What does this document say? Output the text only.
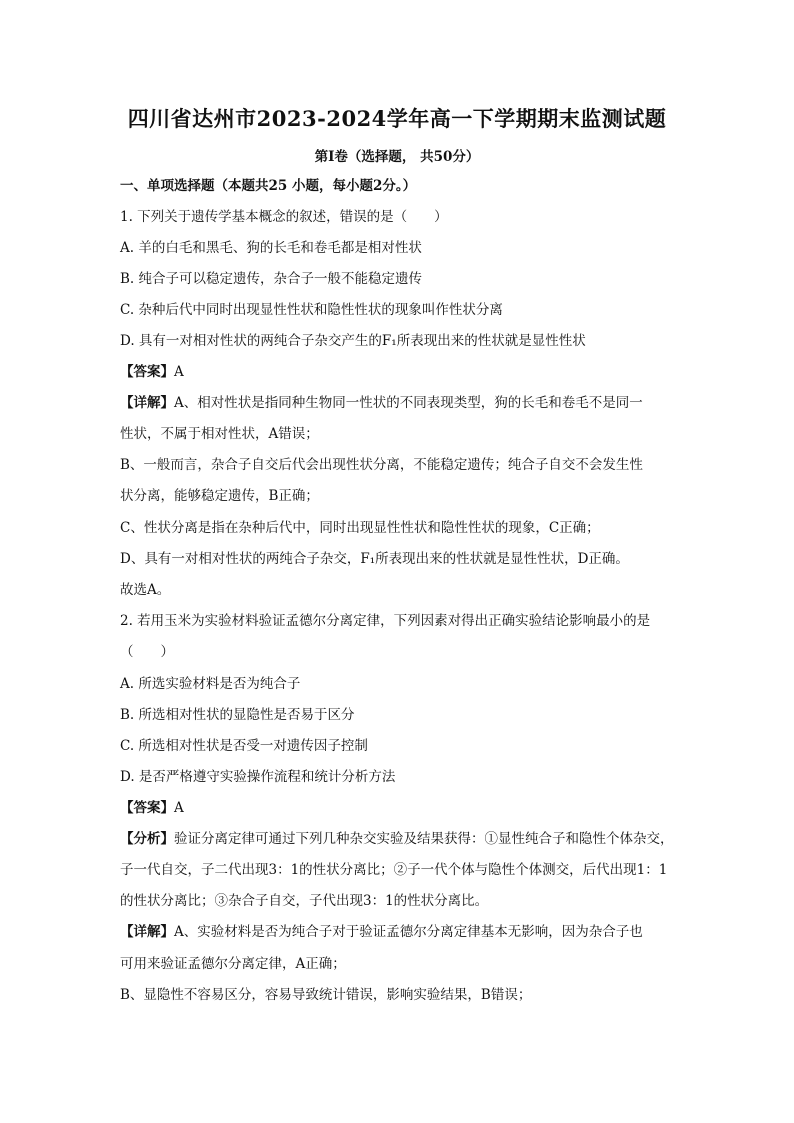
四川省达州市2023-2024学年高一下学期期末监测试题
第Ⅰ卷（选择题， 共50分）
一、单项选择题（本题共25 小题，每小题2分。）
1. 下列关于遗传学基本概念的叙述，错误的是（　　）
A. 羊的白毛和黑毛、狗的长毛和卷毛都是相对性状
B. 纯合子可以稳定遗传，杂合子一般不能稳定遗传
C. 杂种后代中同时出现显性性状和隐性性状的现象叫作性状分离
D. 具有一对相对性状的两纯合子杂交产生的F₁所表现出来的性状就是显性性状
【答案】A
【详解】A、相对性状是指同种生物同一性状的不同表现类型，狗的长毛和卷毛不是同一
性状，不属于相对性状，A错误；
B、一般而言，杂合子自交后代会出现性状分离，不能稳定遗传；纯合子自交不会发生性
状分离，能够稳定遗传，B正确；
C、性状分离是指在杂种后代中，同时出现显性性状和隐性性状的现象，C正确；
D、具有一对相对性状的两纯合子杂交，F₁所表现出来的性状就是显性性状，D正确。
故选A。
2. 若用玉米为实验材料验证孟德尔分离定律，下列因素对得出正确实验结论影响最小的是
（　　）
A. 所选实验材料是否为纯合子
B. 所选相对性状的显隐性是否易于区分
C. 所选相对性状是否受一对遗传因子控制
D. 是否严格遵守实验操作流程和统计分析方法
【答案】A
【分析】验证分离定律可通过下列几种杂交实验及结果获得：①显性纯合子和隐性个体杂交，
子一代自交，子二代出现3：1的性状分离比；②子一代个体与隐性个体测交，后代出现1：1
的性状分离比；③杂合子自交，子代出现3：1的性状分离比。
【详解】A、实验材料是否为纯合子对于验证孟德尔分离定律基本无影响，因为杂合子也
可用来验证孟德尔分离定律，A正确；
B、显隐性不容易区分，容易导致统计错误，影响实验结果，B错误；
